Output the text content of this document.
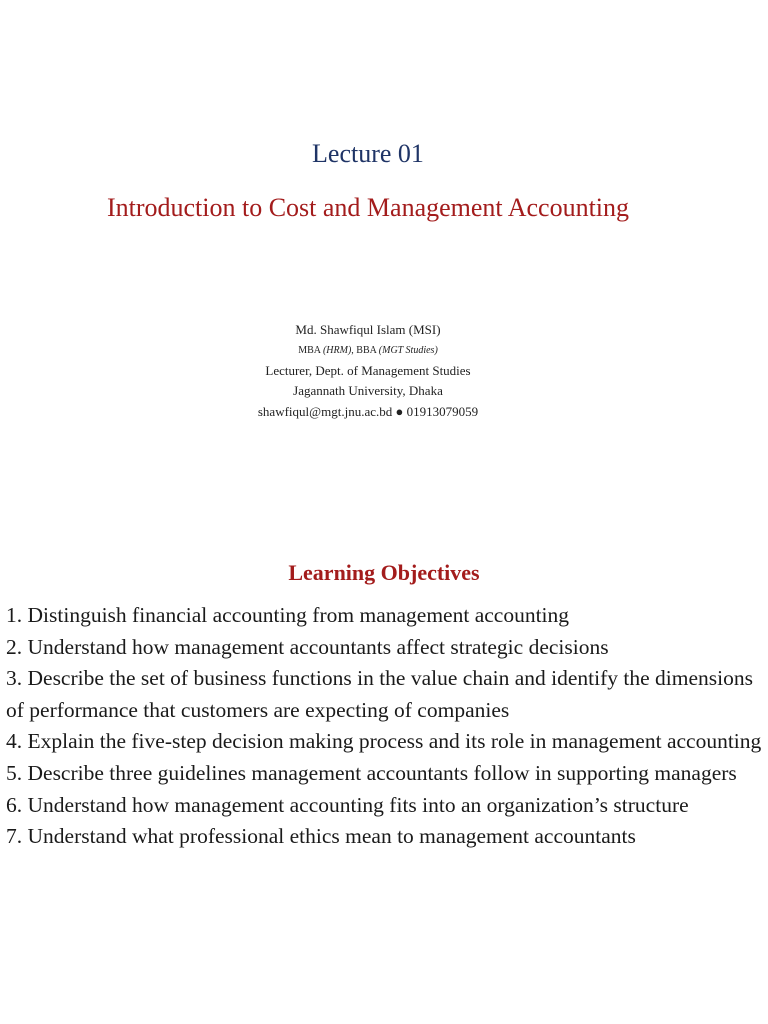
Lecture 01
Introduction to Cost and Management Accounting
Md. Shawfiqul Islam (MSI)
MBA (HRM), BBA (MGT Studies)
Lecturer, Dept. of Management Studies
Jagannath University, Dhaka
shawfiqul@mgt.jnu.ac.bd ● 01913079059
Learning Objectives
1. Distinguish financial accounting from management accounting
2. Understand how management accountants affect strategic decisions
3. Describe the set of business functions in the value chain and identify the dimensions of performance that customers are expecting of companies
4. Explain the five-step decision making process and its role in management accounting
5. Describe three guidelines management accountants follow in supporting managers
6. Understand how management accounting fits into an organization’s structure
7. Understand what professional ethics mean to management accountants
